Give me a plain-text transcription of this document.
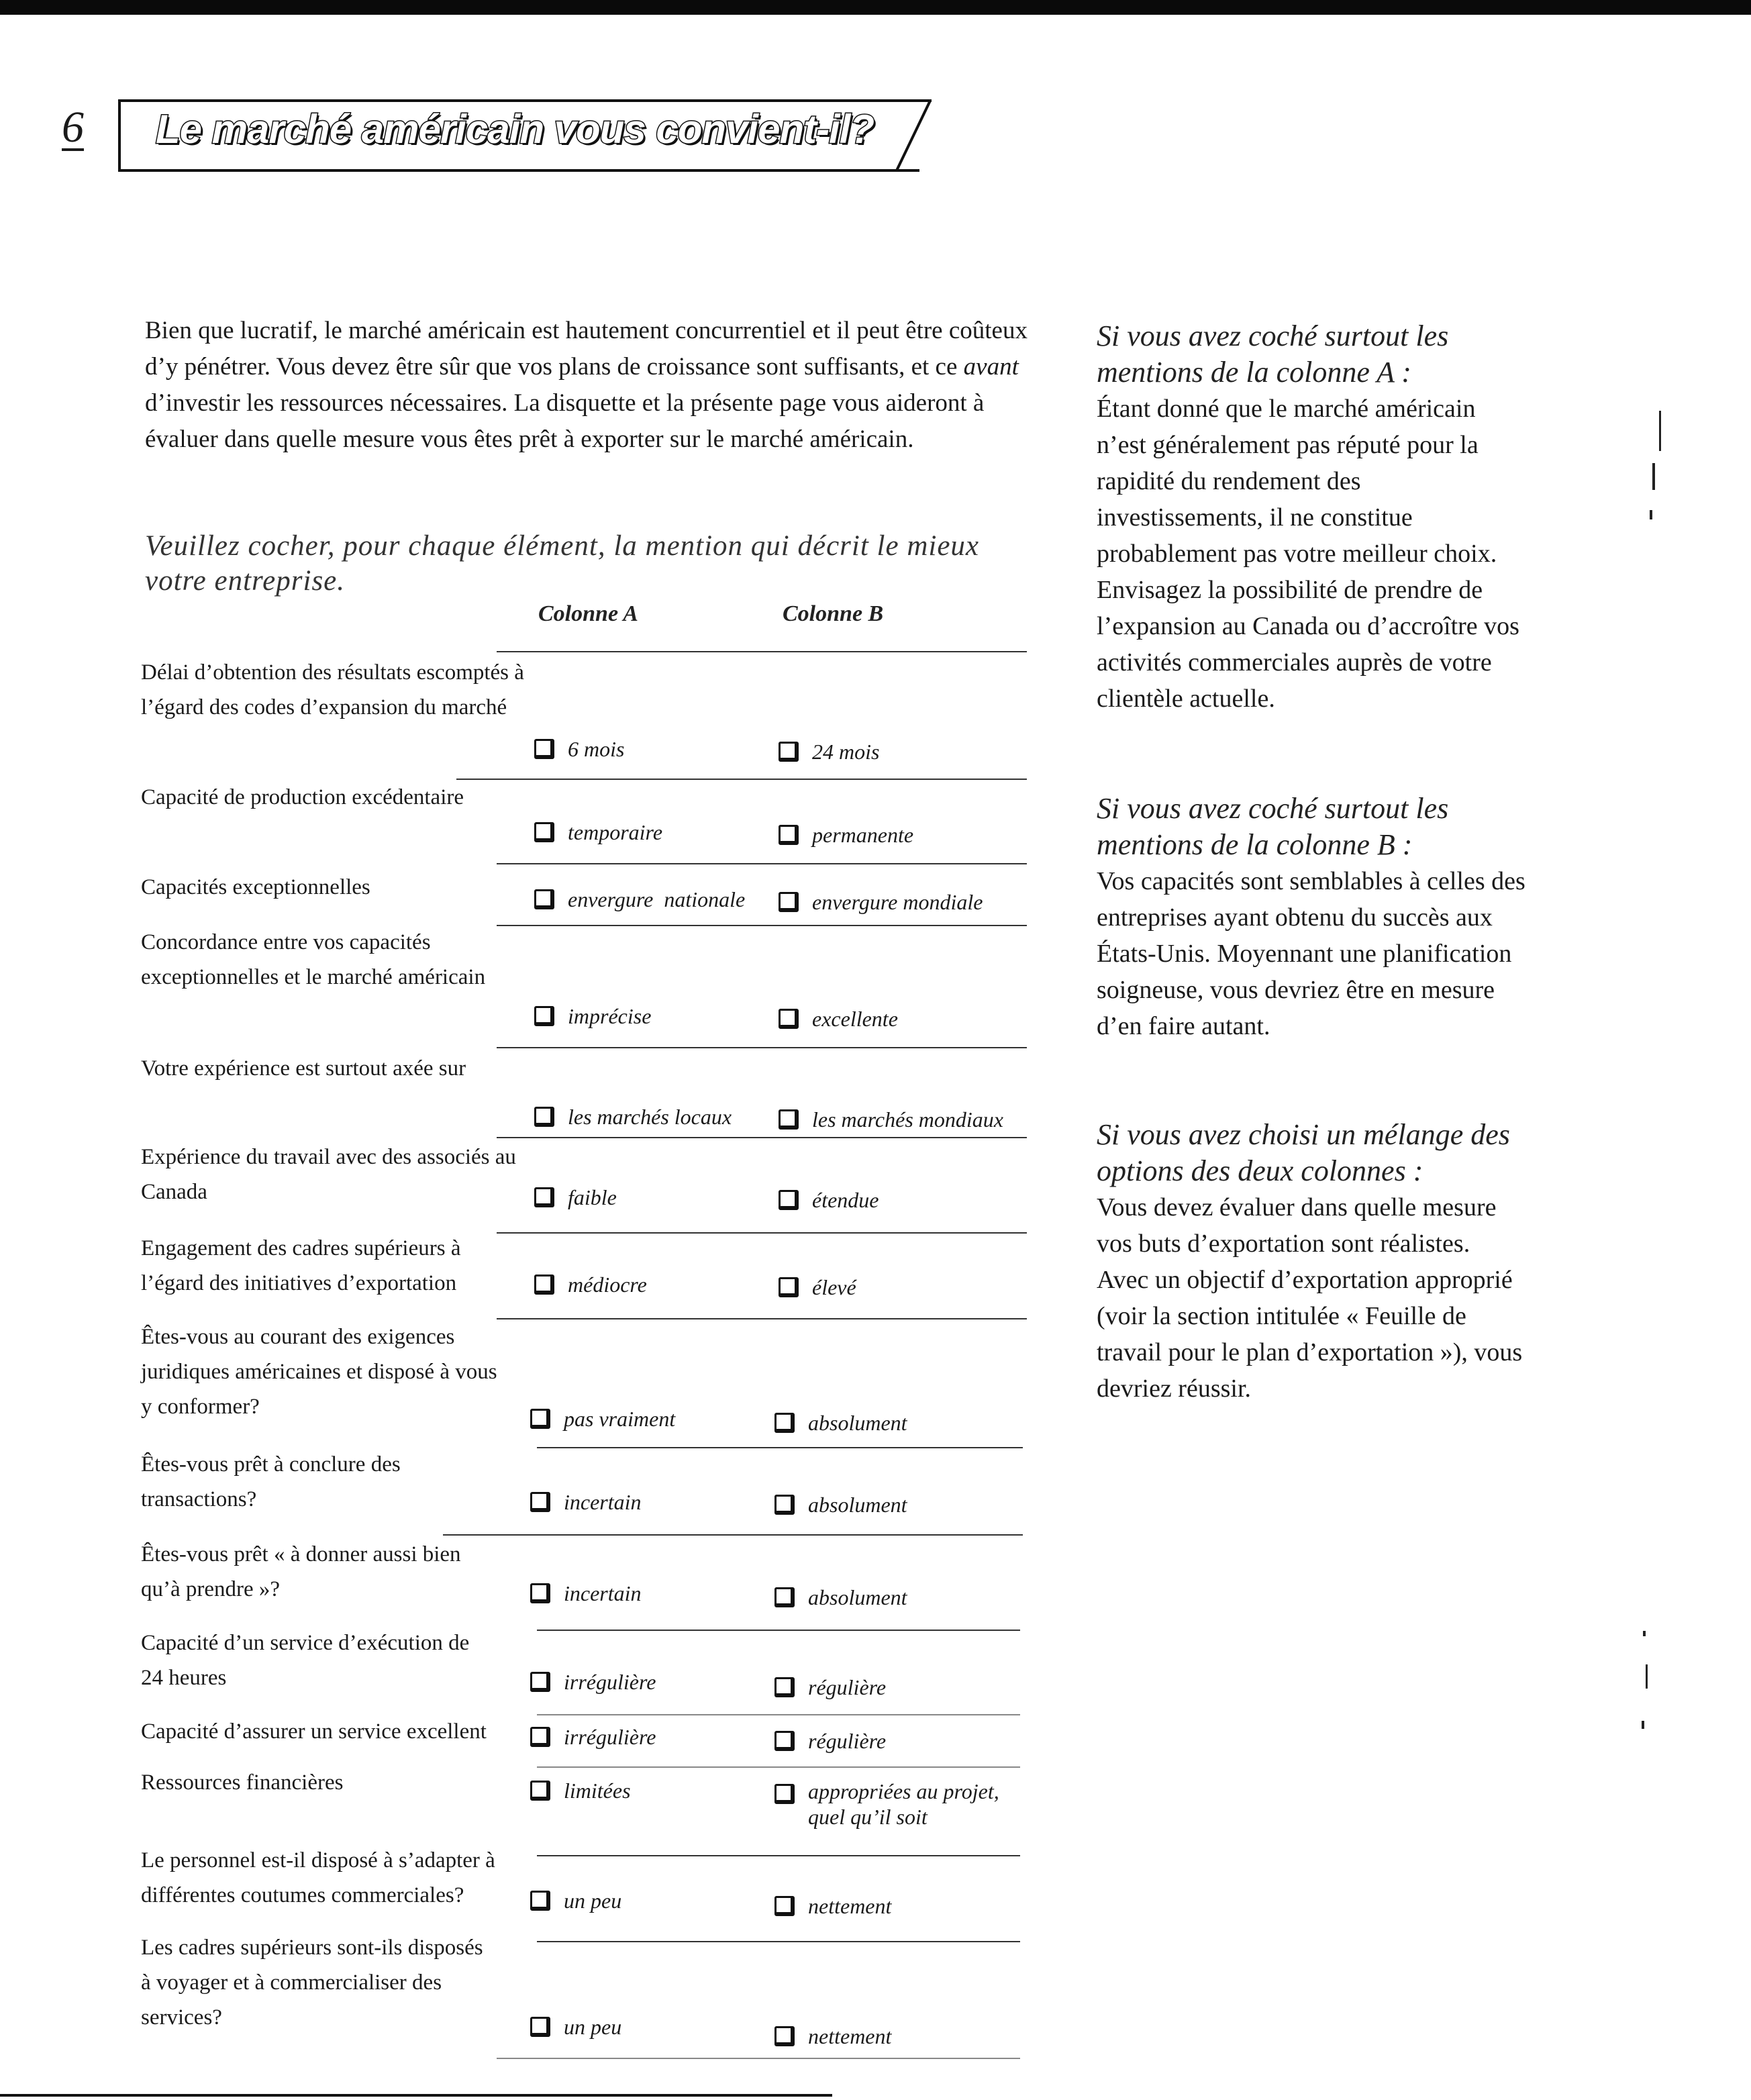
6 Le marché américain vous convient-il?
Bien que lucratif, le marché américain est hautement concurrentiel et il peut être coûteux d’y pénétrer. Vous devez être sûr que vos plans de croissance sont suffisants, et ce avant d’investir les ressources nécessaires. La disquette et la présente page vous aideront à évaluer dans quelle mesure vous êtes prêt à exporter sur le marché américain.
Veuillez cocher, pour chaque élément, la mention qui décrit le mieux votre entreprise.
Colonne A	Colonne B
Délai d’obtention des résultats escomptés à l’égard des codes d’expansion du marché
6 mois	24 mois
Capacité de production excédentaire
temporaire	permanente
Capacités exceptionnelles	envergure  nationale	envergure mondiale
Concordance entre vos capacités exceptionnelles et le marché américain
imprécise	excellente
Votre expérience est surtout axée sur
les marchés locaux	les marchés mondiaux
Expérience du travail avec des associés au Canada	faible	étendue
Engagement des cadres supérieurs à l’égard des initiatives d’exportation	médiocre	élevé
Êtes-vous au courant des exigences juridiques américaines et disposé à vous y conformer?	pas vraiment	absolument
Êtes-vous prêt à conclure des transactions?	incertain	absolument
Êtes-vous prêt « à donner aussi bien qu’à prendre »?	incertain	absolument
Capacité d’un service d’exécution de 24 heures	irrégulière	régulière
Capacité d’assurer un service excellent	irrégulière	régulière
Ressources financières	limitées	appropriées au projet, quel qu’il soit
Le personnel est-il disposé à s’adapter à différentes coutumes commerciales?	un peu	nettement
Les cadres supérieurs sont-ils disposés à voyager et à commercialiser des services?	un peu	nettement
Si vous avez coché surtout les mentions de la colonne A :
Étant donné que le marché américain n’est généralement pas réputé pour la rapidité du rendement des investissements, il ne constitue probablement pas votre meilleur choix. Envisagez la possibilité de prendre de l’expansion au Canada ou d’accroître vos activités commerciales auprès de votre clientèle actuelle.
Si vous avez coché surtout les mentions de la colonne B :
Vos capacités sont semblables à celles des entreprises ayant obtenu du succès aux États-Unis. Moyennant une planification soigneuse, vous devriez être en mesure d’en faire autant.
Si vous avez choisi un mélange des options des deux colonnes :
Vous devez évaluer dans quelle mesure vos buts d’exportation sont réalistes. Avec un objectif d’exportation approprié (voir la section intitulée « Feuille de travail pour le plan d’exportation »), vous devriez réussir.
